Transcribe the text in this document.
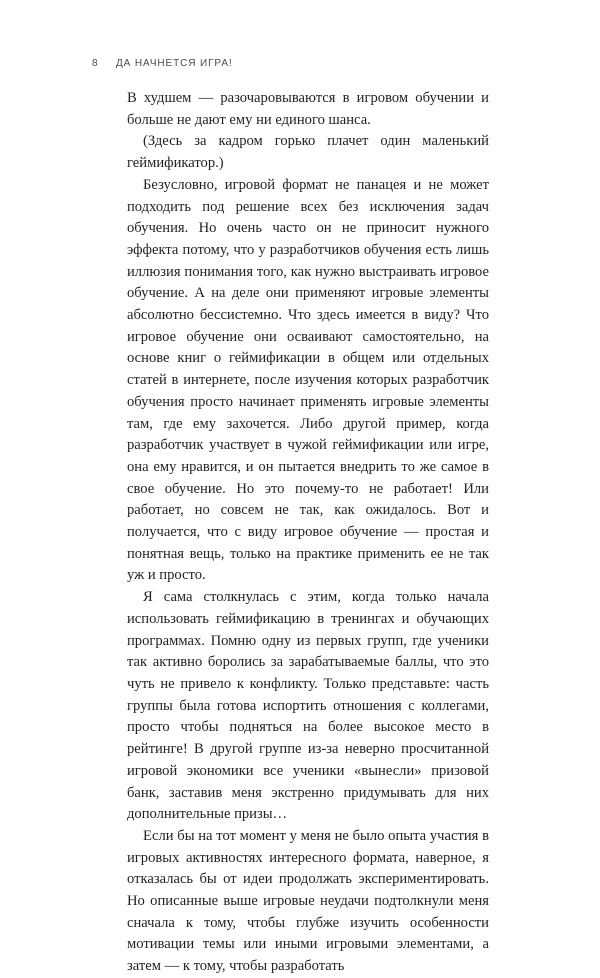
8	ДА НАЧНЕТСЯ ИГРА!

В худшем — разочаровываются в игровом обучении и больше не дают ему ни единого шанса.

(Здесь за кадром горько плачет один маленький геймификатор.)

Безусловно, игровой формат не панацея и не может подходить под решение всех без исключения задач обучения. Но очень часто он не приносит нужного эффекта потому, что у разработчиков обучения есть лишь иллюзия понимания того, как нужно выстраивать игровое обучение. А на деле они применяют игровые элементы абсолютно бессистемно. Что здесь имеется в виду? Что игровое обучение они осваивают самостоятельно, на основе книг о геймификации в общем или отдельных статей в интернете, после изучения которых разработчик обучения просто начинает применять игровые элементы там, где ему захочется. Либо другой пример, когда разработчик участвует в чужой геймификации или игре, она ему нравится, и он пытается внедрить то же самое в свое обучение. Но это почему-то не работает! Или работает, но совсем не так, как ожидалось. Вот и получается, что с виду игровое обучение — простая и понятная вещь, только на практике применить ее не так уж и просто.

Я сама столкнулась с этим, когда только начала использовать геймификацию в тренингах и обучающих программах. Помню одну из первых групп, где ученики так активно боролись за зарабатываемые баллы, что это чуть не привело к конфликту. Только представьте: часть группы была готова испортить отношения с коллегами, просто чтобы подняться на более высокое место в рейтинге! В другой группе из-за неверно просчитанной игровой экономики все ученики «вынесли» призовой банк, заставив меня экстренно придумывать для них дополнительные призы…

Если бы на тот момент у меня не было опыта участия в игровых активностях интересного формата, наверное, я отказалась бы от идеи продолжать экспериментировать. Но описанные выше игровые неудачи подтолкнули меня сначала к тому, чтобы глубже изучить особенности мотивации темы или иными игровыми элементами, а затем — к тому, чтобы разработать
